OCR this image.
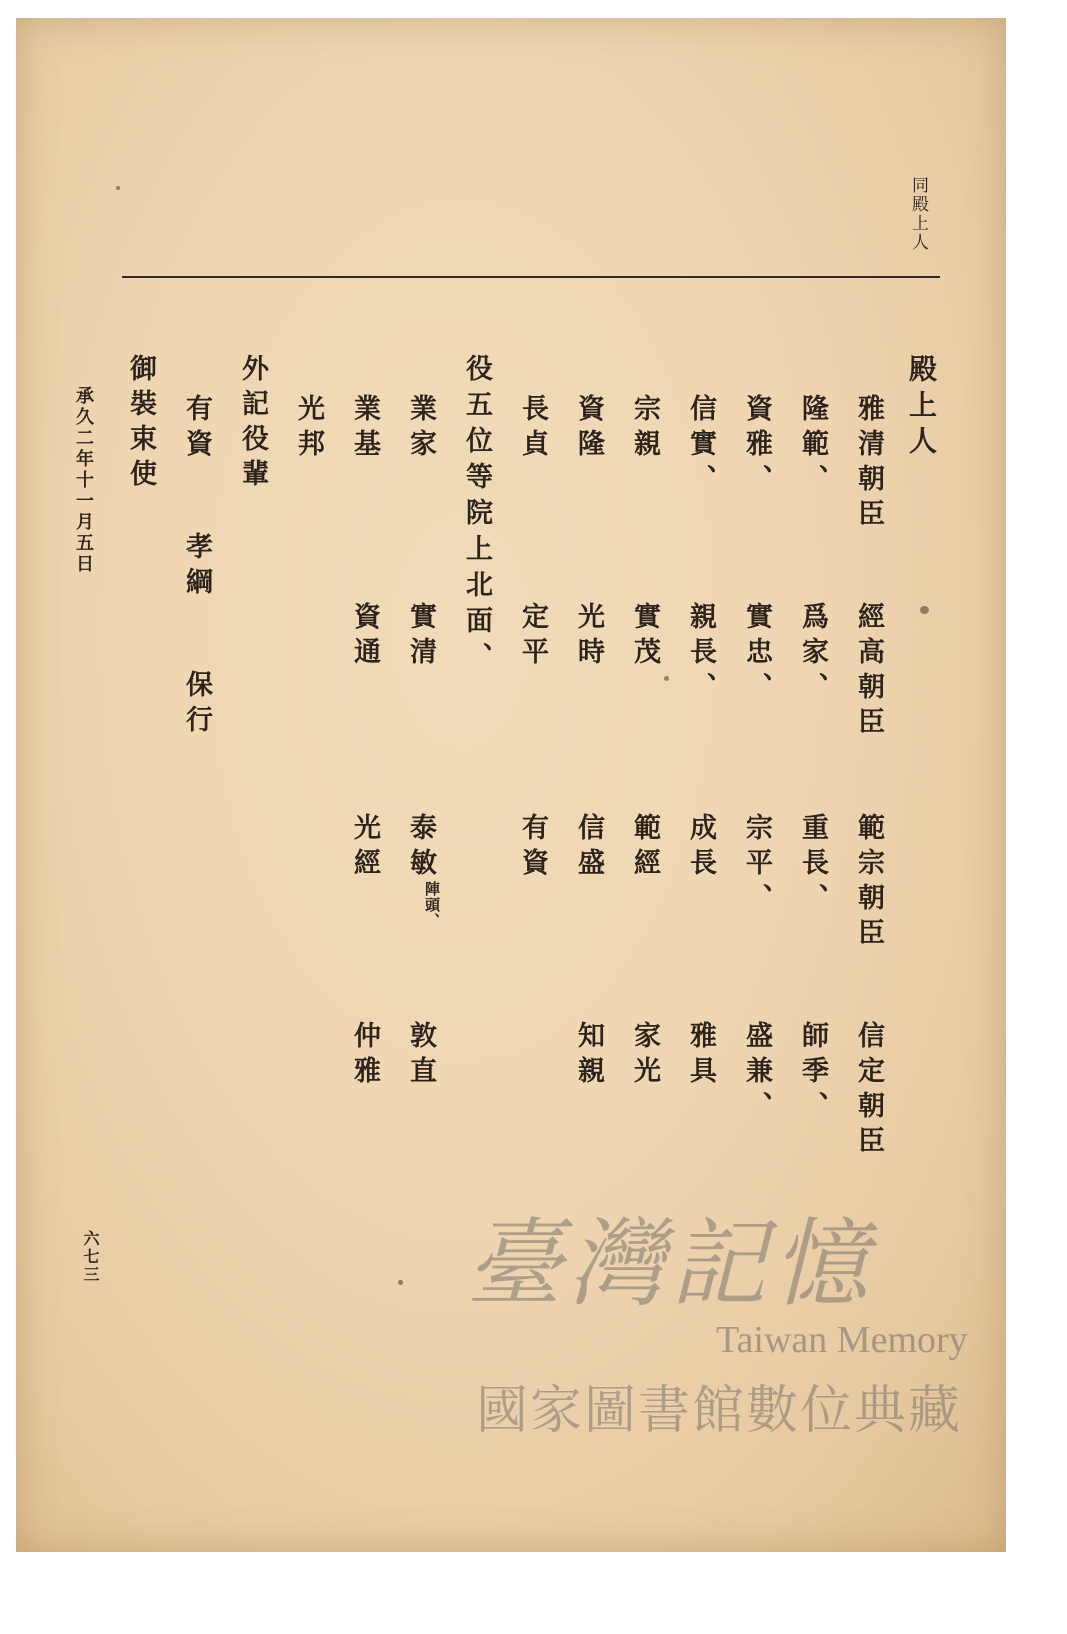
同殿上人
殿上人
雅清朝臣
經高朝臣
範宗朝臣
信定朝臣
隆範、
爲家、
重長、
師季、
資雅、
實忠、
宗平、
盛兼、
信實、
親長、
成長
雅具
宗親
實茂
範經
家光
資隆
光時
信盛
知親
長貞
定平
有資
役五位等院上北面、
業家
實清
泰敏
陣頭、
敦直
業基
資通
光經
仲雅
光邦
外記役輩
有資
孝綱
保行
御裝束使
承久二年十一月五日
六七三	臺灣記憶
Taiwan Memory
國家圖書館數位典藏
